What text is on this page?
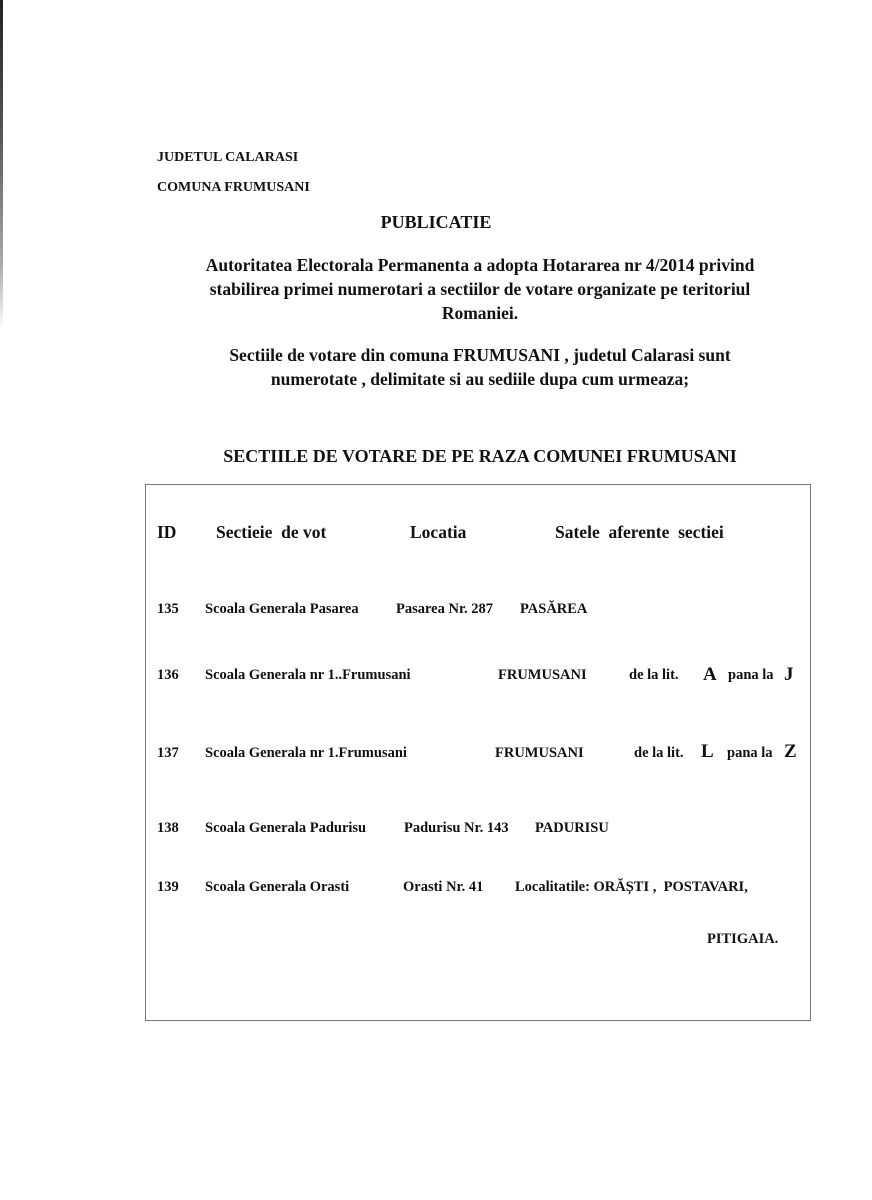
JUDETUL CALARASI
COMUNA FRUMUSANI
PUBLICATIE
Autoritatea Electorala Permanenta a adopta Hotararea nr 4/2014 privind
stabilirea primei numerotari a sectiilor de votare organizate pe teritoriul
Romaniei.
Sectiile de votare din comuna FRUMUSANI , judetul Calarasi sunt
numerotate , delimitate si au sediile dupa cum urmeaza;
SECTIILE DE VOTARE DE PE RAZA COMUNEI FRUMUSANI
ID Sectieie  de vot	Locatia	Satele  aferente  sectiei
135 Scoala Generala Pasarea	Pasarea Nr. 287 PASĂREA
136 Scoala Generala nr 1..Frumusani	FRUMUSANI	de la lit. A pana la J
137 Scoala Generala nr 1.Frumusani	FRUMUSANI	de la lit. L pana la Z
138 Scoala Generala Padurisu	Padurisu Nr. 143 PADURISU
139 Scoala Generala Orasti	Orasti Nr. 41 Localitatile: ORĂȘTI ,  POSTAVARI,
PITIGAIA.
